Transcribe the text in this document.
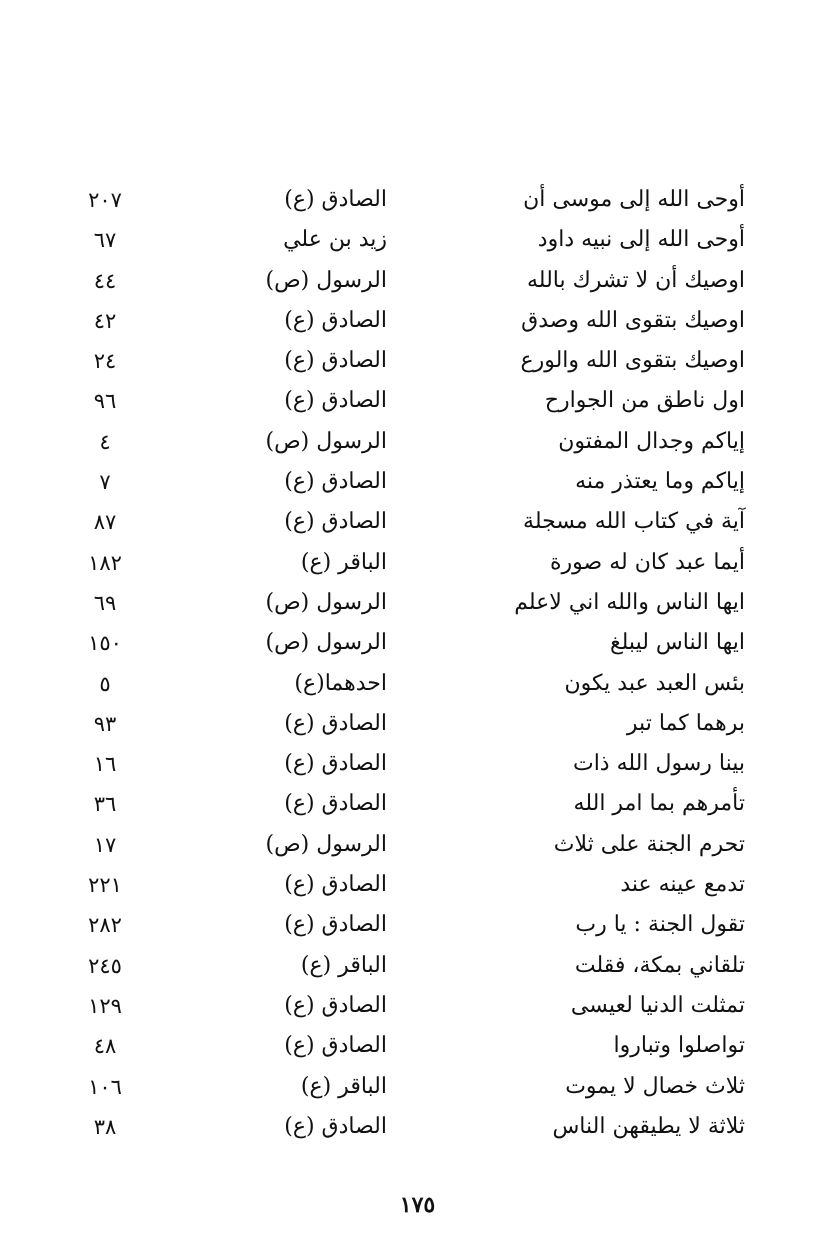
أوحى الله إلى موسى أن
الصادق (ع)
٢٠٧
أوحى الله إلى نبيه داود
زيد بن علي
٦٧
اوصيك أن لا تشرك بالله
الرسول (ص)
٤٤
اوصيك بتقوى الله وصدق
الصادق (ع)
٤٢
اوصيك بتقوى الله والورع
الصادق (ع)
٢٤
اول ناطق من الجوارح
الصادق (ع)
٩٦
إياكم وجدال المفتون
الرسول (ص)
٤
إياكم وما يعتذر منه
الصادق (ع)
٧
آية في كتاب الله مسجلة
الصادق (ع)
٨٧
أيما عبد كان له صورة
الباقر (ع)
١٨٢
ايها الناس والله اني لاعلم
الرسول (ص)
٦٩
ايها الناس ليبلغ
الرسول (ص)
١٥٠
بئس العبد عبد يكون
احدهما(ع)
٥
برهما كما تبر
الصادق (ع)
٩٣
بينا رسول الله ذات
الصادق (ع)
١٦
تأمرهم بما امر الله
الصادق (ع)
٣٦
تحرم الجنة على ثلاث
الرسول (ص)
١٧
تدمع عينه عند
الصادق (ع)
٢٢١
تقول الجنة : يا رب
الصادق (ع)
٢٨٢
تلقاني بمكة، فقلت
الباقر (ع)
٢٤٥
تمثلت الدنيا لعيسى
الصادق (ع)
١٢٩
تواصلوا وتباروا
الصادق (ع)
٤٨
ثلاث خصال لا يموت
الباقر (ع)
١٠٦
ثلاثة لا يطيقهن الناس
الصادق (ع)
٣٨
١٧٥
